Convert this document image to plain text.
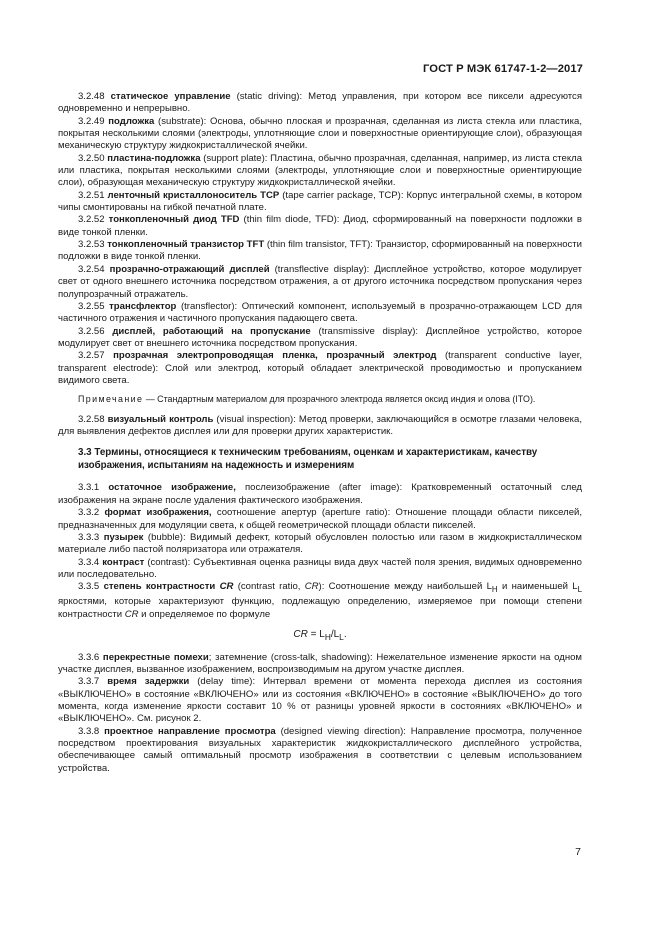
ГОСТ Р МЭК 61747-1-2—2017

3.2.48 статическое управление (static driving): Метод управления, при котором все пиксели адресуются одновременно и непрерывно.

3.2.49 подложка (substrate): Основа, обычно плоская и прозрачная, сделанная из листа стекла или пластика, покрытая несколькими слоями (электроды, уплотняющие слои и поверхностные ориентирующие слои), образующая механическую структуру жидкокристаллической ячейки.

3.2.50 пластина-подложка (support plate): Пластина, обычно прозрачная, сделанная, например, из листа стекла или пластика, покрытая несколькими слоями (электроды, уплотняющие слои и поверхностные ориентирующие слои), образующая механическую структуру жидкокристаллической ячейки.

3.2.51 ленточный кристаллоноситель TCP (tape carrier package, TCP): Корпус интегральной схемы, в котором чипы смонтированы на гибкой печатной плате.

3.2.52 тонкопленочный диод TFD (thin film diode, TFD): Диод, сформированный на поверхности подложки в виде тонкой пленки.

3.2.53 тонкопленочный транзистор TFT (thin film transistor, TFT): Транзистор, сформированный на поверхности подложки в виде тонкой пленки.

3.2.54 прозрачно-отражающий дисплей (transflective display): Дисплейное устройство, которое модулирует свет от одного внешнего источника посредством отражения, а от другого источника посредством пропускания через полупрозрачный отражатель.

3.2.55 трансфлектор (transflector): Оптический компонент, используемый в прозрачно-отражающем LCD для частичного отражения и частичного пропускания падающего света.

3.2.56 дисплей, работающий на пропускание (transmissive display): Дисплейное устройство, которое модулирует свет от внешнего источника посредством пропускания.

3.2.57 прозрачная электропроводящая пленка, прозрачный электрод (transparent conductive layer, transparent electrode): Слой или электрод, который обладает электрической проводимостью и пропусканием видимого света.

Примечание — Стандартным материалом для прозрачного электрода является оксид индия и олова (ITO).

3.2.58 визуальный контроль (visual inspection): Метод проверки, заключающийся в осмотре глазами человека, для выявления дефектов дисплея или для проверки других характеристик.

3.3 Термины, относящиеся к техническим требованиям, оценкам и характеристикам, качеству изображения, испытаниям на надежность и измерениям

3.3.1 остаточное изображение, послеизображение (after image): Кратковременный остаточный след изображения на экране после удаления фактического изображения.

3.3.2 формат изображения, соотношение апертур (aperture ratio): Отношение площади области пикселей, предназначенных для модуляции света, к общей геометрической площади области пикселей.

3.3.3 пузырек (bubble): Видимый дефект, который обусловлен полостью или газом в жидкокристаллическом материале либо пастой поляризатора или отражателя.

3.3.4 контраст (contrast): Субъективная оценка разницы вида двух частей поля зрения, видимых одновременно или последовательно.

3.3.5 степень контрастности CR (contrast ratio, CR): Соотношение между наибольшей $L_H$ и наименьшей $L_L$ яркостями, которые характеризуют функцию, подлежащую определению, измеряемое при помощи степени контрастности CR и определяемое по формуле

CR = $L_H/L_L$.

3.3.6 перекрестные помехи; затемнение (cross-talk, shadowing): Нежелательное изменение яркости на одном участке дисплея, вызванное изображением, воспроизводимым на другом участке дисплея.

3.3.7 время задержки (delay time): Интервал времени от момента перехода дисплея из состояния «ВЫКЛЮЧЕНО» в состояние «ВКЛЮЧЕНО» или из состояния «ВКЛЮЧЕНО» в состояние «ВЫКЛЮЧЕНО» до того момента, когда изменение яркости составит 10 % от разницы уровней яркости в состояниях «ВКЛЮЧЕНО» и «ВЫКЛЮЧЕНО». См. рисунок 2.

3.3.8 проектное направление просмотра (designed viewing direction): Направление просмотра, полученное посредством проектирования визуальных характеристик жидкокристаллического дисплейного устройства, обеспечивающее самый оптимальный просмотр изображения в соответствии с целевым использованием устройства.

7
